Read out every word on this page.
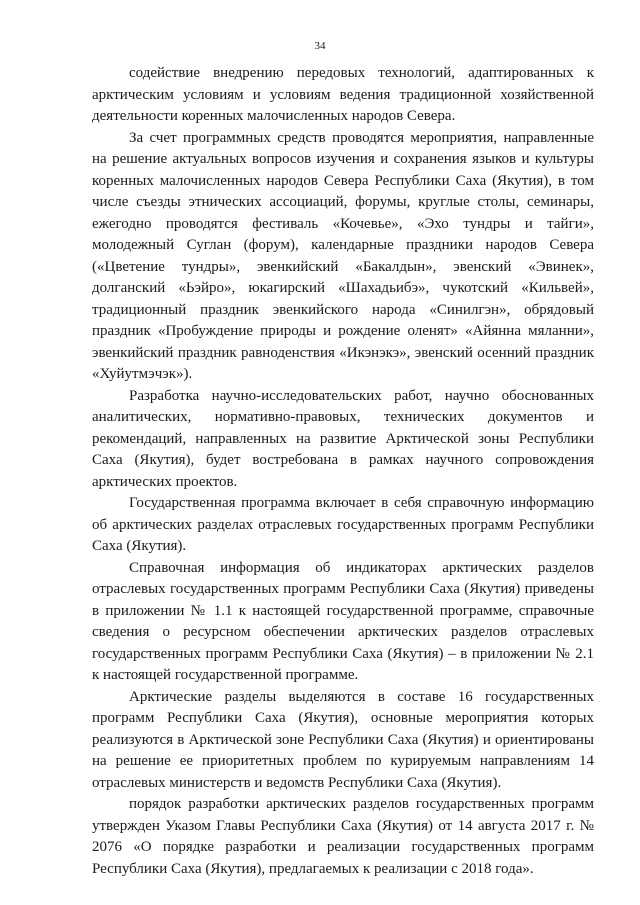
34

содействие внедрению передовых технологий, адаптированных к арктическим условиям и условиям ведения традиционной хозяйственной деятельности коренных малочисленных народов Севера.

За счет программных средств проводятся мероприятия, направленные на решение актуальных вопросов изучения и сохранения языков и культуры коренных малочисленных народов Севера Республики Саха (Якутия), в том числе съезды этнических ассоциаций, форумы, круглые столы, семинары, ежегодно проводятся фестиваль «Кочевье», «Эхо тундры и тайги», молодежный Суглан (форум), календарные праздники народов Севера («Цветение тундры», эвенкийский «Бакалдын», эвенский «Эвинек», долганский «Ьэйро», юкагирский «Шахадьибэ», чукотский «Кильвей», традиционный праздник эвенкийского народа «Синилгэн», обрядовый праздник «Пробуждение природы и рождение оленят» «Айянна мяланни», эвенкийский праздник равноденствия «Икэнэкэ», эвенский осенний праздник «Хуйутмэчэк»).

Разработка научно-исследовательских работ, научно обоснованных аналитических, нормативно-правовых, технических документов и рекомендаций, направленных на развитие Арктической зоны Республики Саха (Якутия), будет востребована в рамках научного сопровождения арктических проектов.

Государственная программа включает в себя справочную информацию об арктических разделах отраслевых государственных программ Республики Саха (Якутия).

Справочная информация об индикаторах арктических разделов отраслевых государственных программ Республики Саха (Якутия) приведены в приложении № 1.1 к настоящей государственной программе, справочные сведения о ресурсном обеспечении арктических разделов отраслевых государственных программ Республики Саха (Якутия) – в приложении № 2.1 к настоящей государственной программе.

Арктические разделы выделяются в составе 16 государственных программ Республики Саха (Якутия), основные мероприятия которых реализуются в Арктической зоне Республики Саха (Якутия) и ориентированы на решение ее приоритетных проблем по курируемым направлениям 14 отраслевых министерств и ведомств Республики Саха (Якутия).

порядок разработки арктических разделов государственных программ утвержден Указом Главы Республики Саха (Якутия) от 14 августа 2017 г. № 2076 «О порядке разработки и реализации государственных программ Республики Саха (Якутия), предлагаемых к реализации с 2018 года».
